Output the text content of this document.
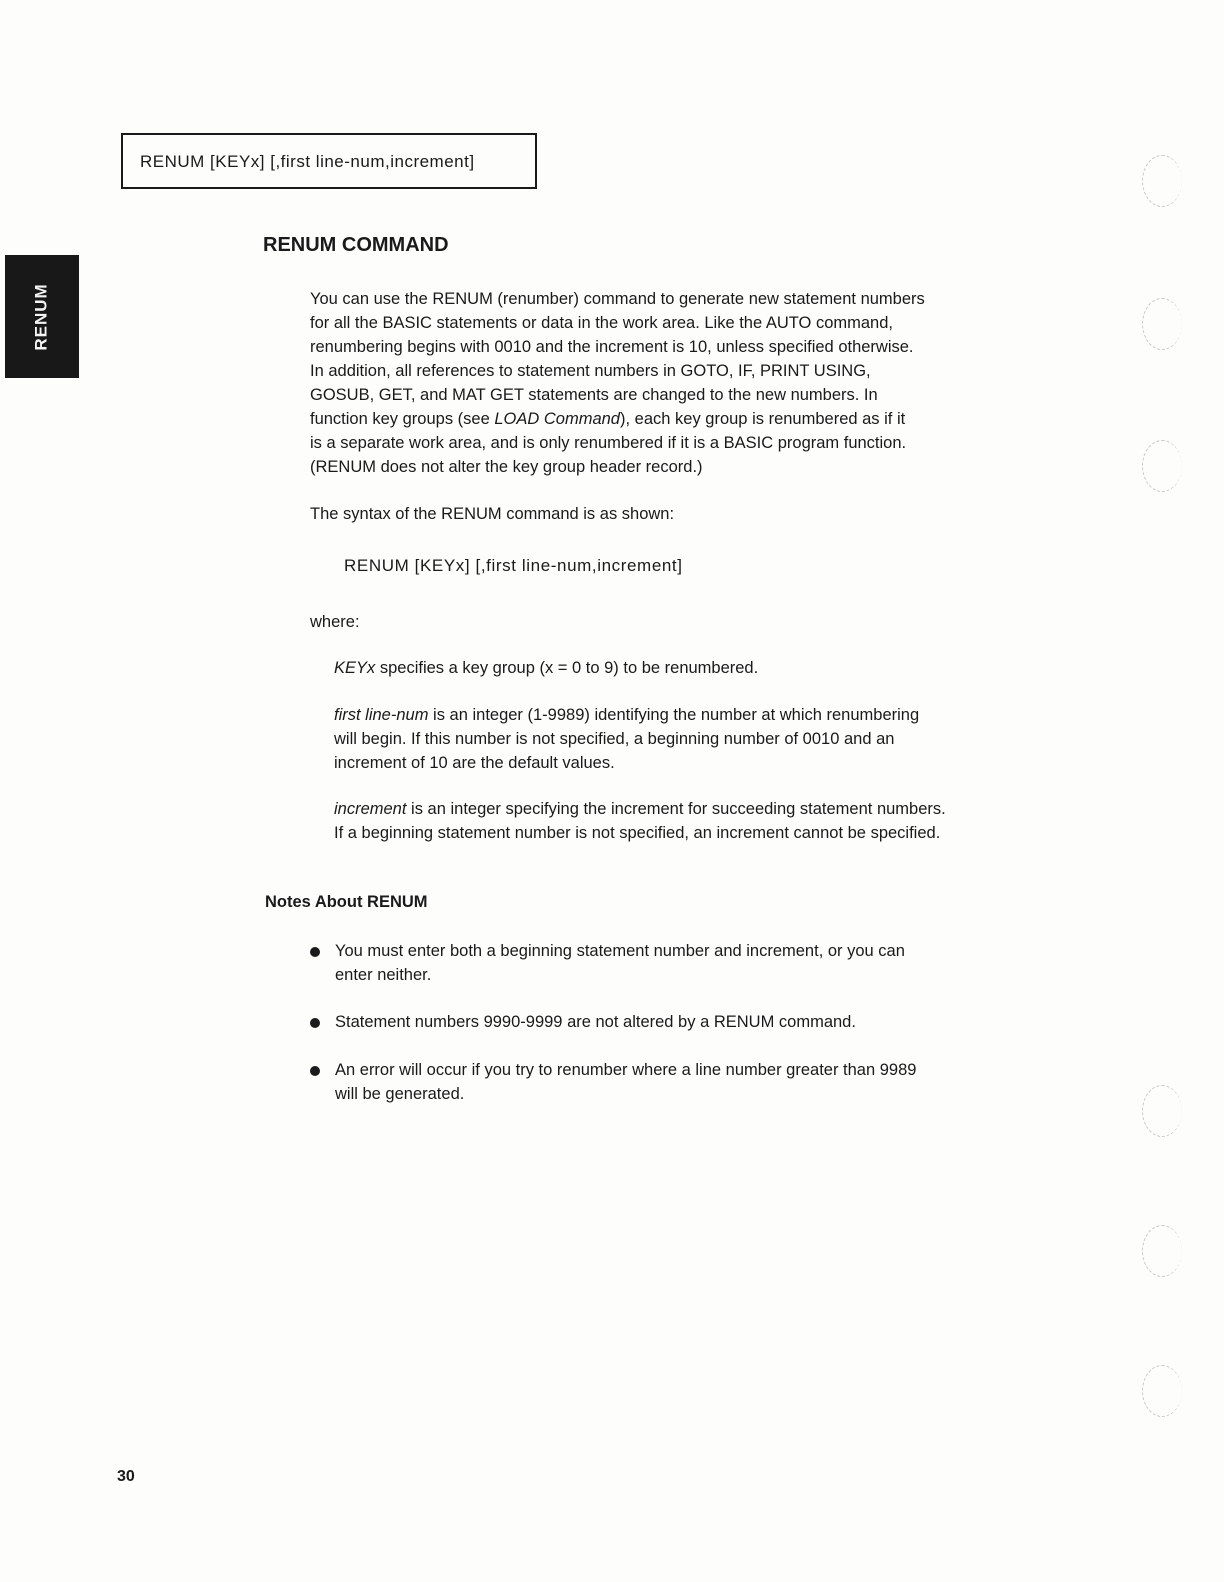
RENUM [KEYx] [,first line-num,increment]
RENUM
RENUM COMMAND
You can use the RENUM (renumber) command to generate new statement numbers
for all the BASIC statements or data in the work area. Like the AUTO command,
renumbering begins with 0010 and the increment is 10, unless specified otherwise.
In addition, all references to statement numbers in GOTO, IF, PRINT USING,
GOSUB, GET, and MAT GET statements are changed to the new numbers. In
function key groups (see LOAD Command), each key group is renumbered as if it
is a separate work area, and is only renumbered if it is a BASIC program function.
(RENUM does not alter the key group header record.)

The syntax of the RENUM command is as shown:

RENUM [KEYx] [,first line-num,increment]

where:

KEYx specifies a key group (x = 0 to 9) to be renumbered.
first line-num is an integer (1-9989) identifying the number at which renumbering
will begin. If this number is not specified, a beginning number of 0010 and an
increment of 10 are the default values.
increment is an integer specifying the increment for succeeding statement numbers.
If a beginning statement number is not specified, an increment cannot be specified.
Notes About RENUM
You must enter both a beginning statement number and increment, or you can
enter neither.
Statement numbers 9990-9999 are not altered by a RENUM command.
An error will occur if you try to renumber where a line number greater than 9989
will be generated.
30
